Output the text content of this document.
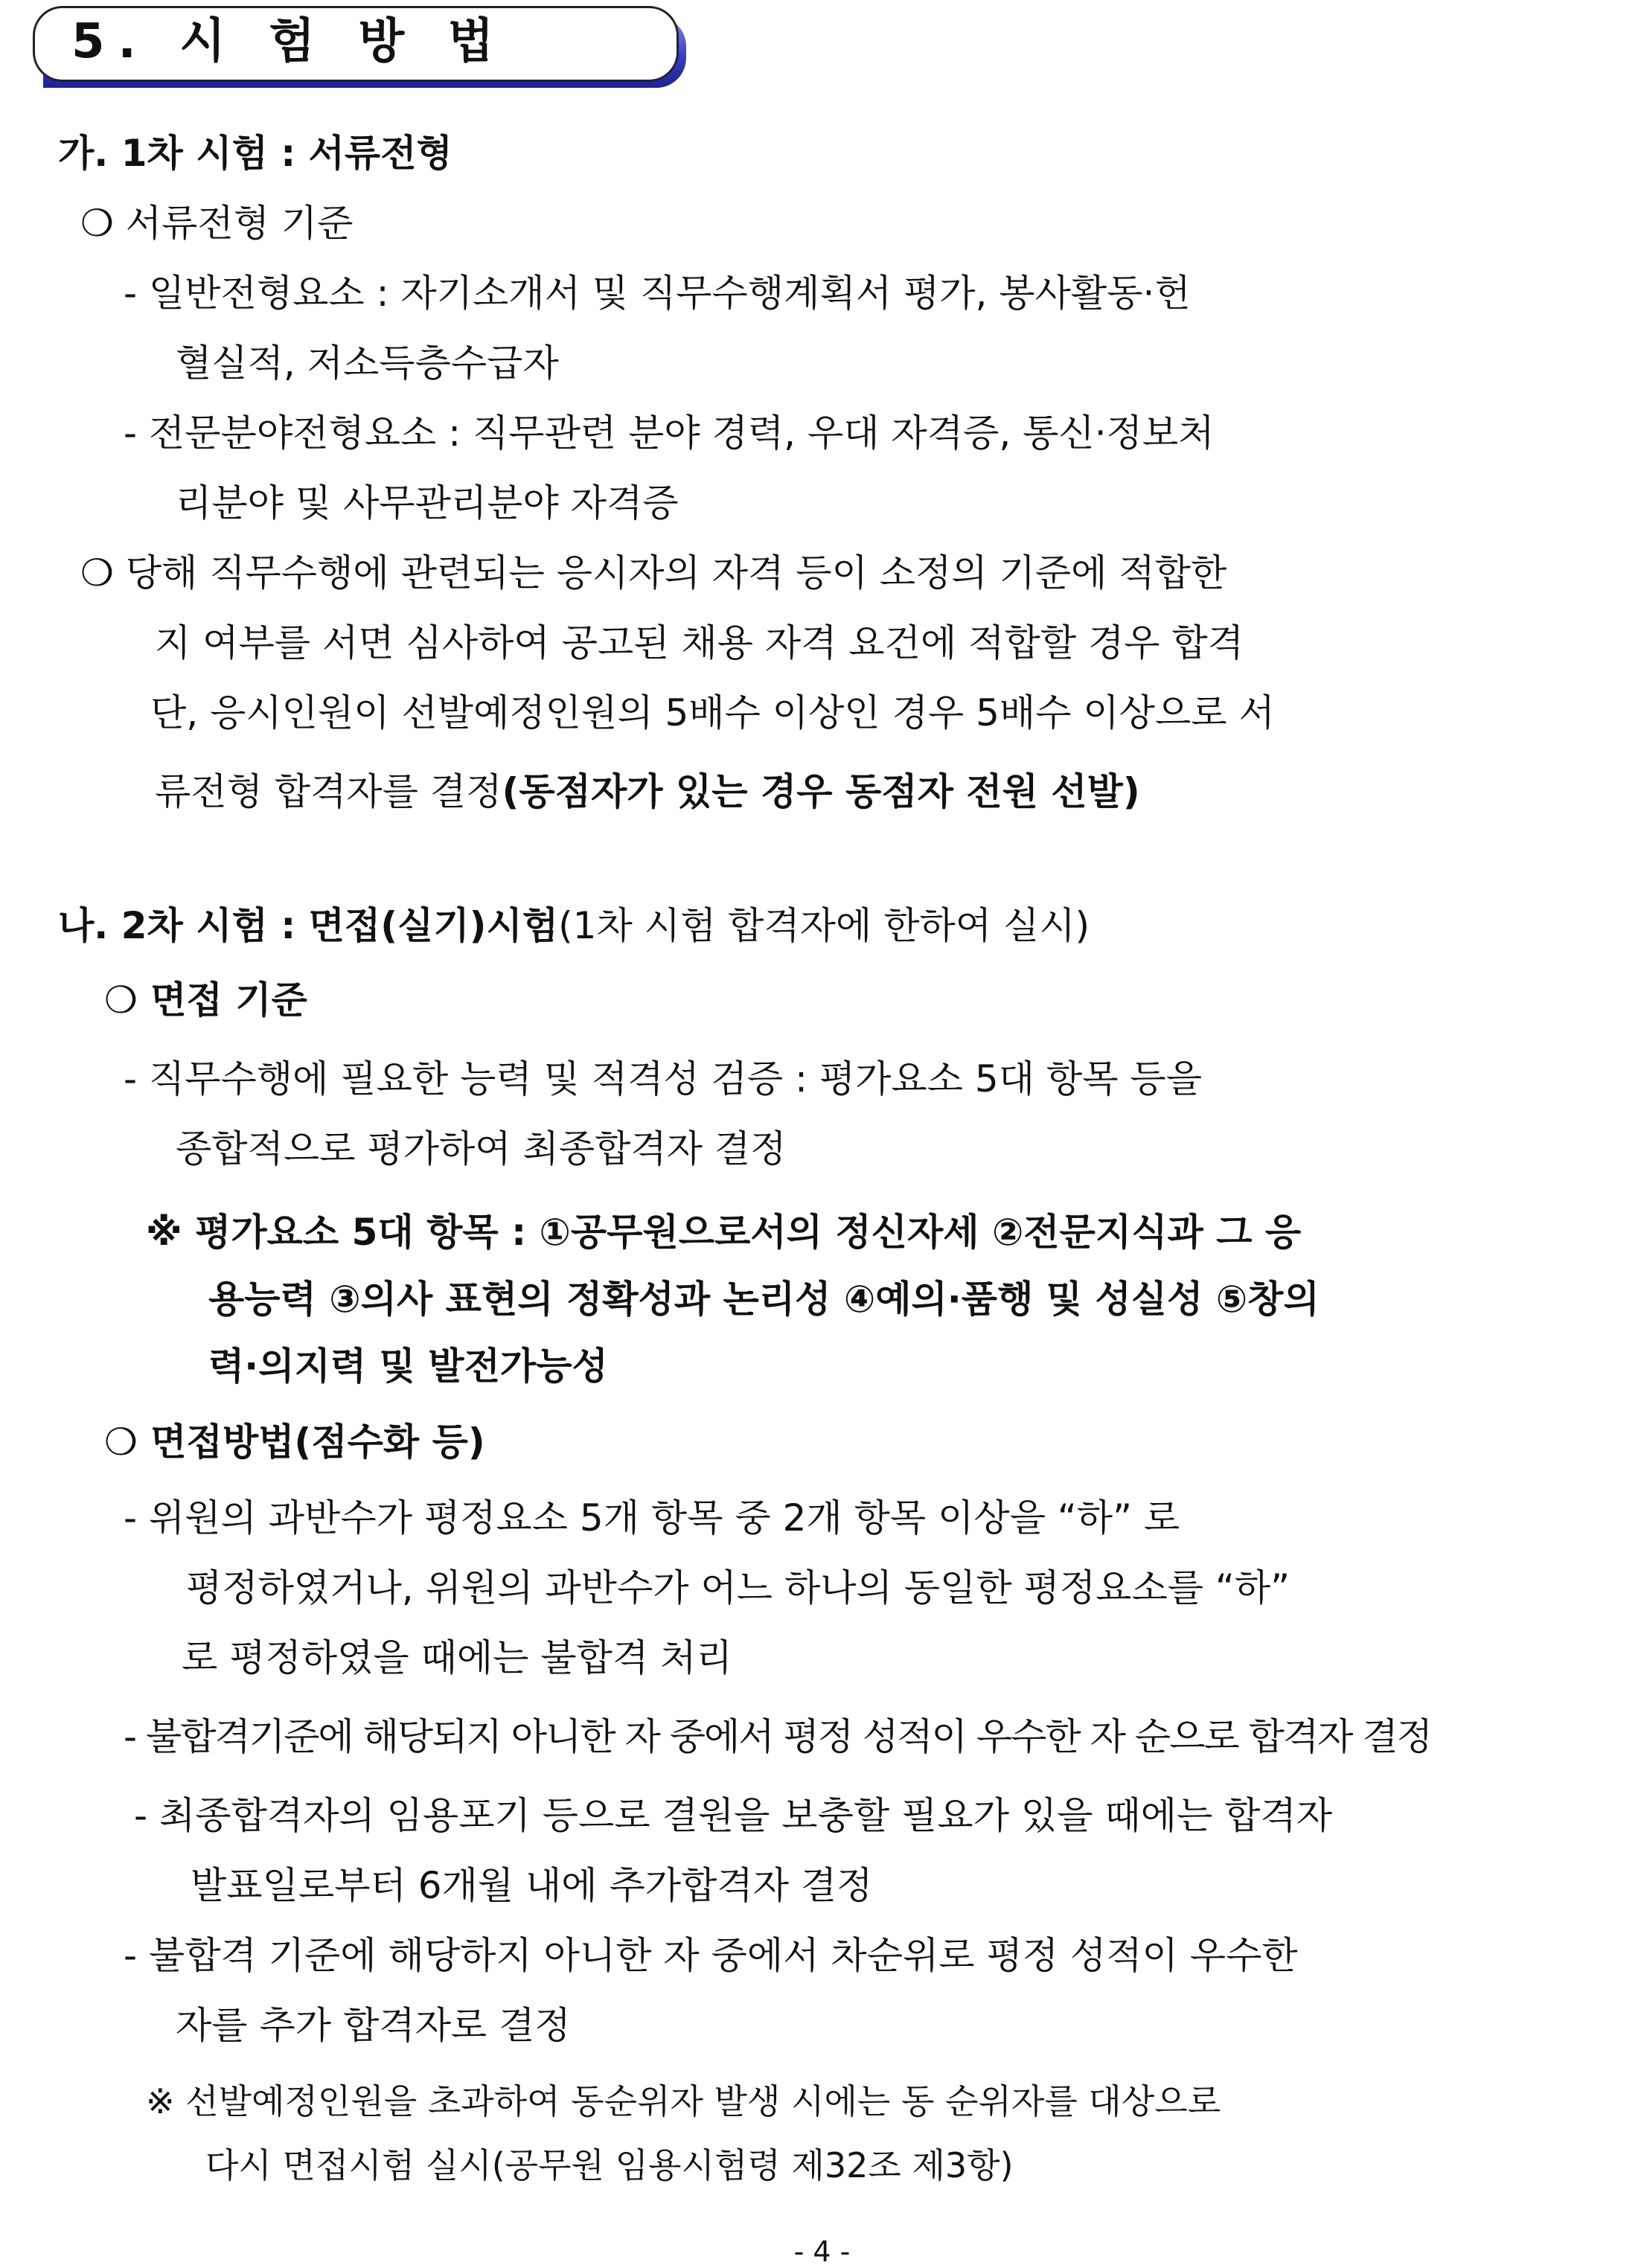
5. 시 험 방 법
가. 1차 시험 : 서류전형
❍ 서류전형 기준
- 일반전형요소 : 자기소개서 및 직무수행계획서 평가, 봉사활동·헌
혈실적, 저소득층수급자
- 전문분야전형요소 : 직무관련 분야 경력, 우대 자격증, 통신·정보처
리분야 및 사무관리분야 자격증
❍ 당해 직무수행에 관련되는 응시자의 자격 등이 소정의 기준에 적합한
지 여부를 서면 심사하여 공고된 채용 자격 요건에 적합할 경우 합격
단, 응시인원이 선발예정인원의 5배수 이상인 경우 5배수 이상으로 서
류전형 합격자를 결정(동점자가 있는 경우 동점자 전원 선발)
나. 2차 시험 : 면접(실기)시험(1차 시험 합격자에 한하여 실시)
❍ 면접 기준
- 직무수행에 필요한 능력 및 적격성 검증 : 평가요소 5대 항목 등을
종합적으로 평가하여 최종합격자 결정
※ 평가요소 5대 항목 : ①공무원으로서의 정신자세 ②전문지식과 그 응
용능력 ③의사 표현의 정확성과 논리성 ④예의·품행 및 성실성 ⑤창의
력·의지력 및 발전가능성
❍ 면접방법(점수화 등)
- 위원의 과반수가 평정요소 5개 항목 중 2개 항목 이상을 “하” 로
평정하였거나, 위원의 과반수가 어느 하나의 동일한 평정요소를 “하”
로 평정하였을 때에는 불합격 처리
- 불합격기준에 해당되지 아니한 자 중에서 평정 성적이 우수한 자 순으로 합격자 결정
- 최종합격자의 임용포기 등으로 결원을 보충할 필요가 있을 때에는 합격자
발표일로부터 6개월 내에 추가합격자 결정
- 불합격 기준에 해당하지 아니한 자 중에서 차순위로 평정 성적이 우수한
자를 추가 합격자로 결정
※ 선발예정인원을 초과하여 동순위자 발생 시에는 동 순위자를 대상으로
다시 면접시험 실시(공무원 임용시험령 제32조 제3항)
- 4 -
